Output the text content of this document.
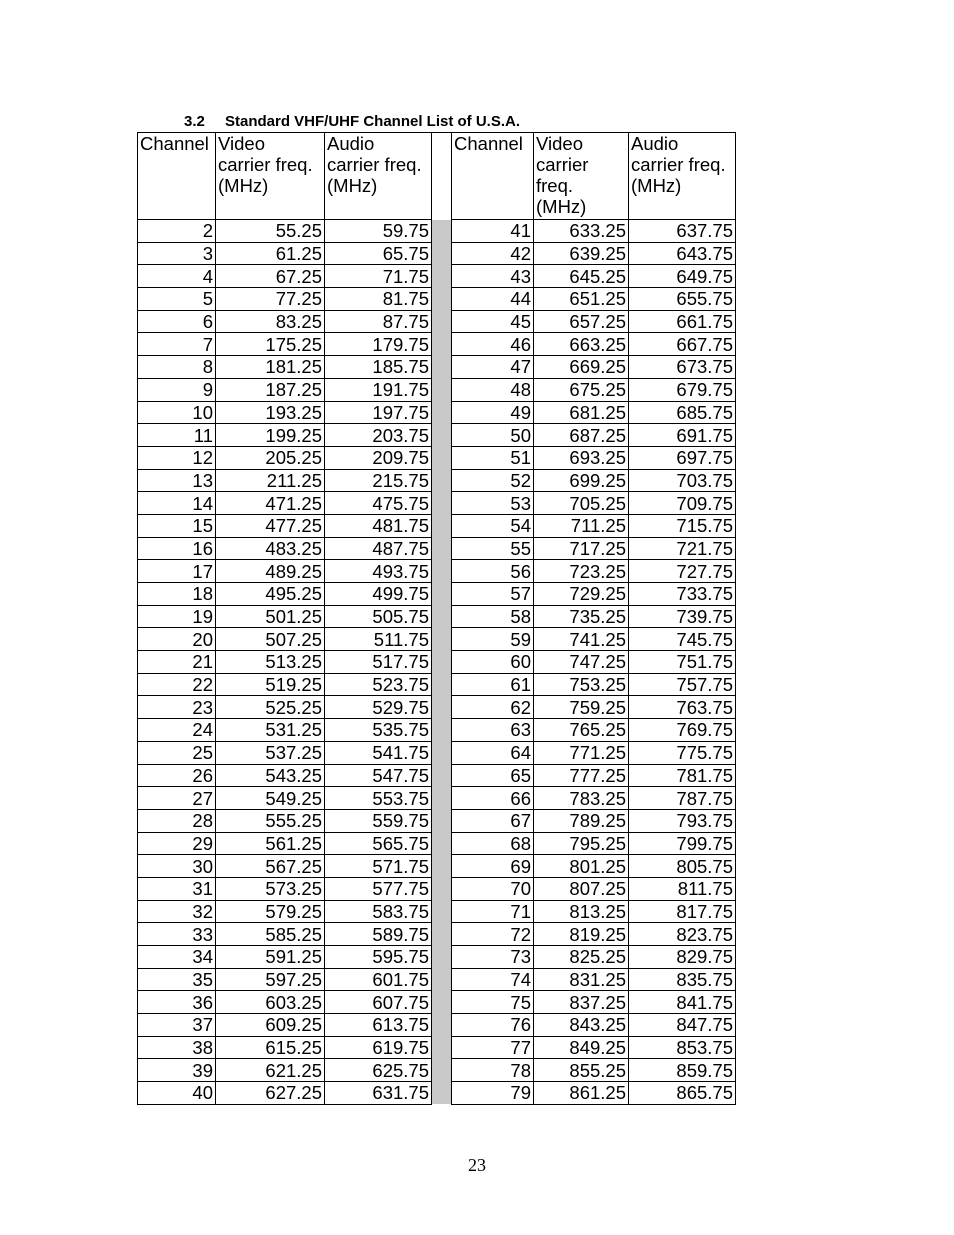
3.2 Standard VHF/UHF Channel List of U.S.A.
Channel	Video carrier freq. (MHz)	Audio carrier freq. (MHz)		Channel	Video carrier freq. (MHz)	Audio carrier freq. (MHz)
2	55.25	59.75		41	633.25	637.75
3	61.25	65.75		42	639.25	643.75
4	67.25	71.75		43	645.25	649.75
5	77.25	81.75		44	651.25	655.75
6	83.25	87.75		45	657.25	661.75
7	175.25	179.75		46	663.25	667.75
8	181.25	185.75		47	669.25	673.75
9	187.25	191.75		48	675.25	679.75
10	193.25	197.75		49	681.25	685.75
11	199.25	203.75		50	687.25	691.75
12	205.25	209.75		51	693.25	697.75
13	211.25	215.75		52	699.25	703.75
14	471.25	475.75		53	705.25	709.75
15	477.25	481.75		54	711.25	715.75
16	483.25	487.75		55	717.25	721.75
17	489.25	493.75		56	723.25	727.75
18	495.25	499.75		57	729.25	733.75
19	501.25	505.75		58	735.25	739.75
20	507.25	511.75		59	741.25	745.75
21	513.25	517.75		60	747.25	751.75
22	519.25	523.75		61	753.25	757.75
23	525.25	529.75		62	759.25	763.75
24	531.25	535.75		63	765.25	769.75
25	537.25	541.75		64	771.25	775.75
26	543.25	547.75		65	777.25	781.75
27	549.25	553.75		66	783.25	787.75
28	555.25	559.75		67	789.25	793.75
29	561.25	565.75		68	795.25	799.75
30	567.25	571.75		69	801.25	805.75
31	573.25	577.75		70	807.25	811.75
32	579.25	583.75		71	813.25	817.75
33	585.25	589.75		72	819.25	823.75
34	591.25	595.75		73	825.25	829.75
35	597.25	601.75		74	831.25	835.75
36	603.25	607.75		75	837.25	841.75
37	609.25	613.75		76	843.25	847.75
38	615.25	619.75		77	849.25	853.75
39	621.25	625.75		78	855.25	859.75
40	627.25	631.75		79	861.25	865.75
23
